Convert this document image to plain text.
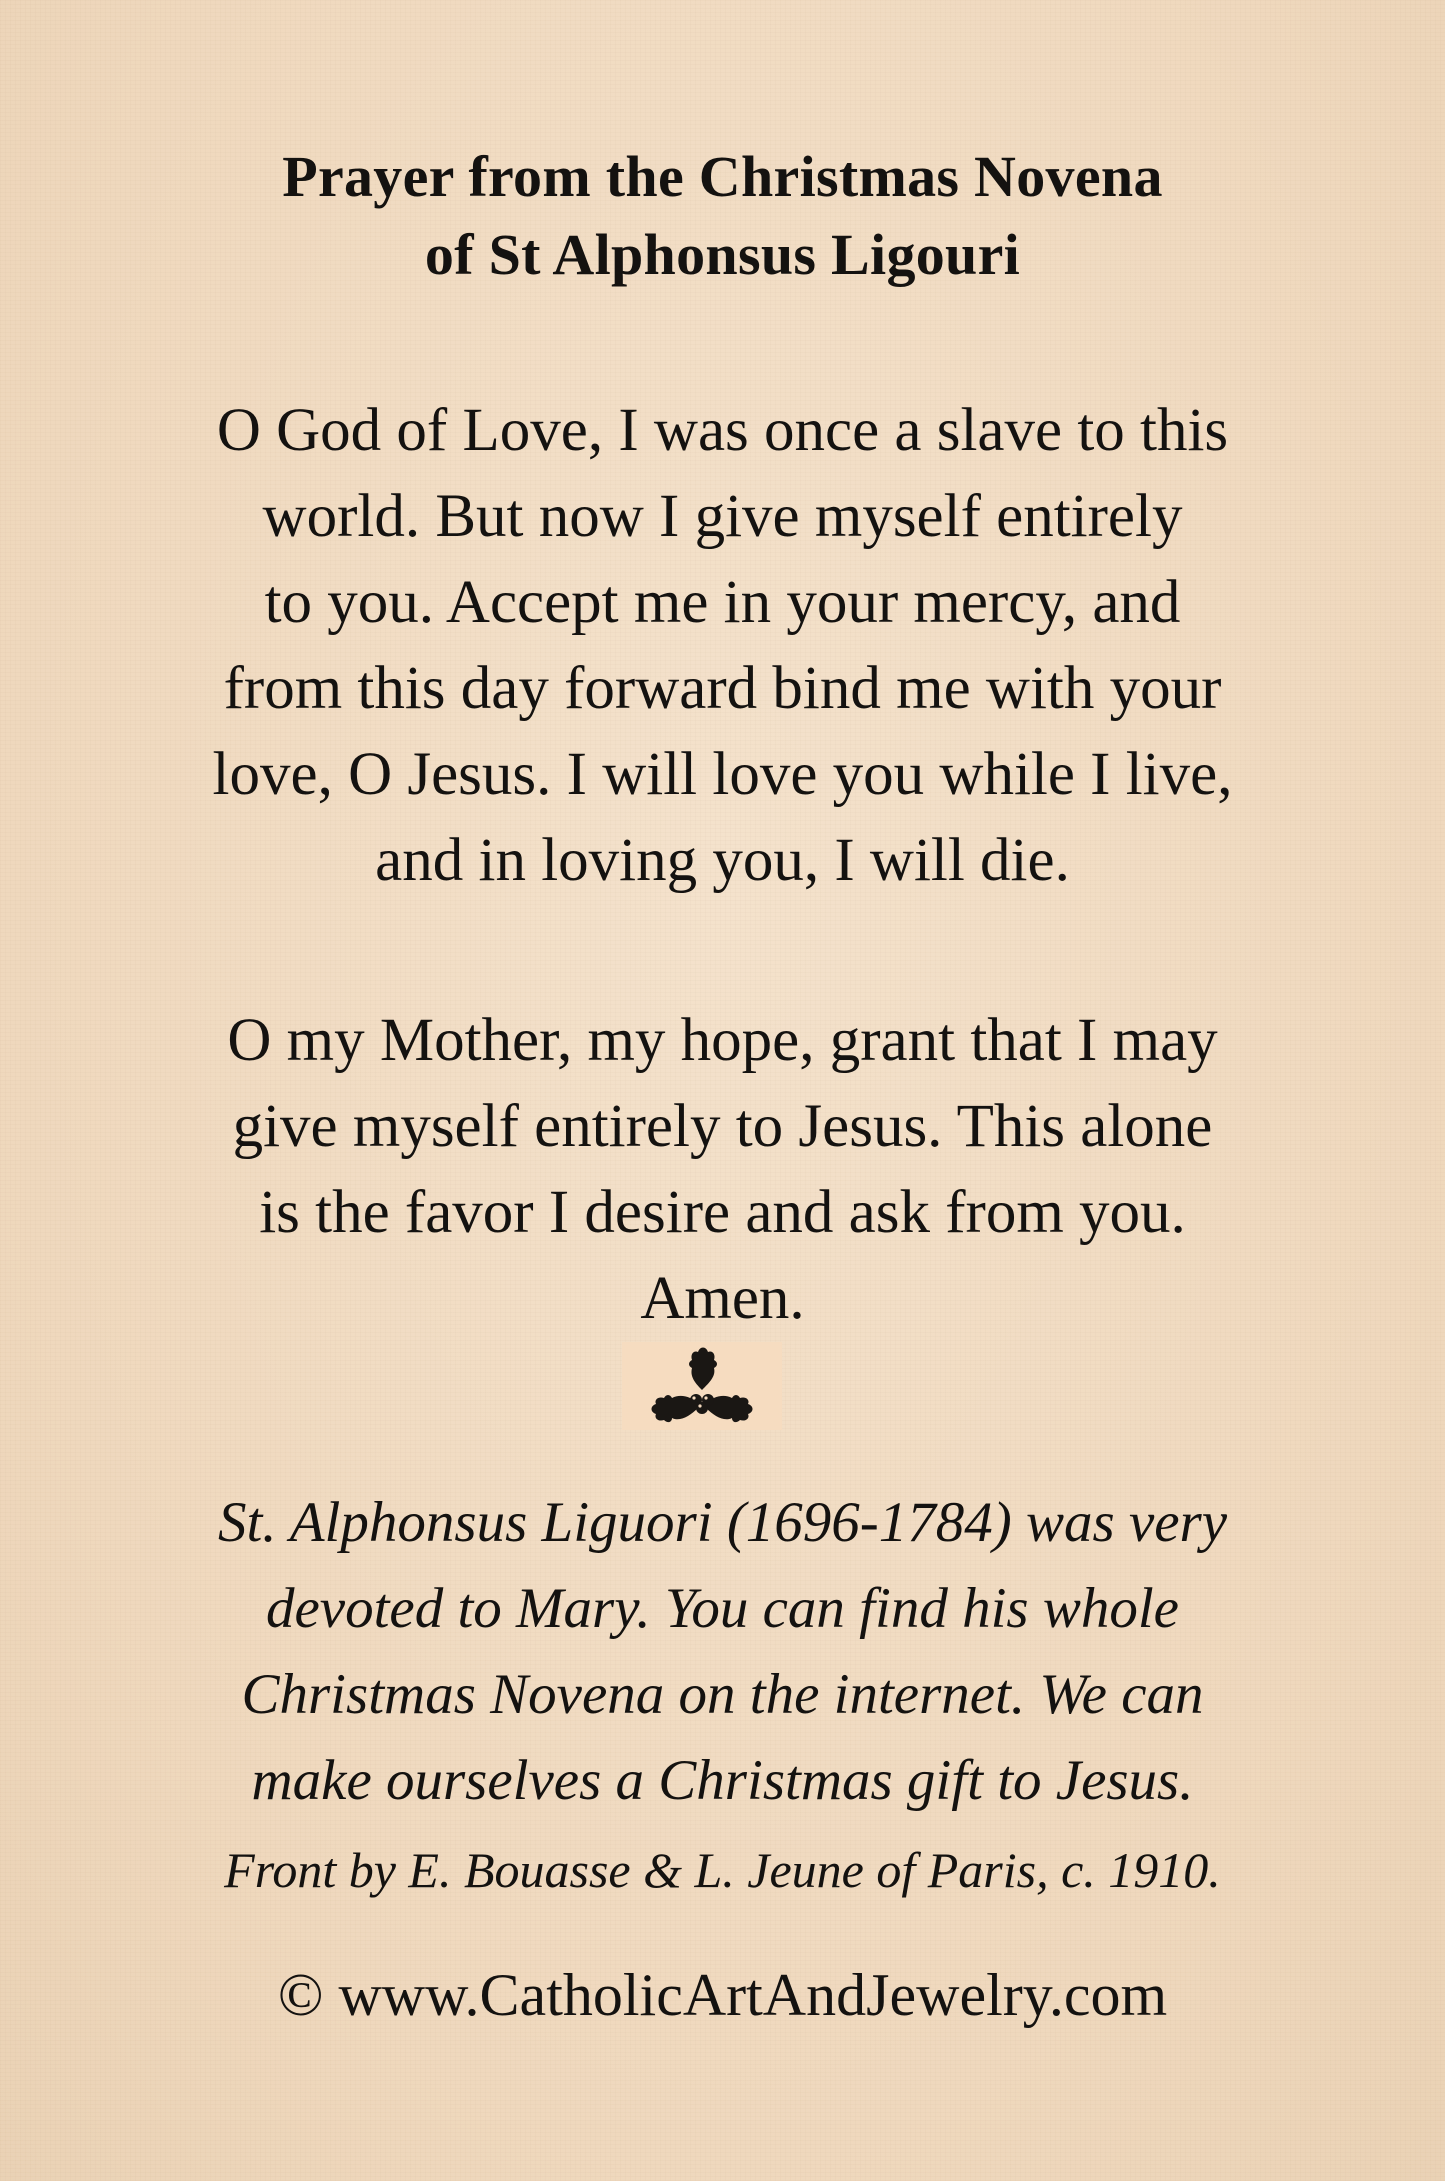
Prayer from the Christmas Novena
of St Alphonsus Ligouri
O God of Love, I was once a slave to this
world. But now I give myself entirely
to you. Accept me in your mercy, and
from this day forward bind me with your
love, O Jesus. I will love you while I live,
and in loving you, I will die.
O my Mother, my hope, grant that I may
give myself entirely to Jesus. This alone
is the favor I desire and ask from you.
Amen.
St. Alphonsus Liguori (1696-1784) was very
devoted to Mary. You can find his whole
Christmas Novena on the internet. We can
make ourselves a Christmas gift to Jesus.
Front by E. Bouasse & L. Jeune of Paris, c. 1910.
© www.CatholicArtAndJewelry.com
